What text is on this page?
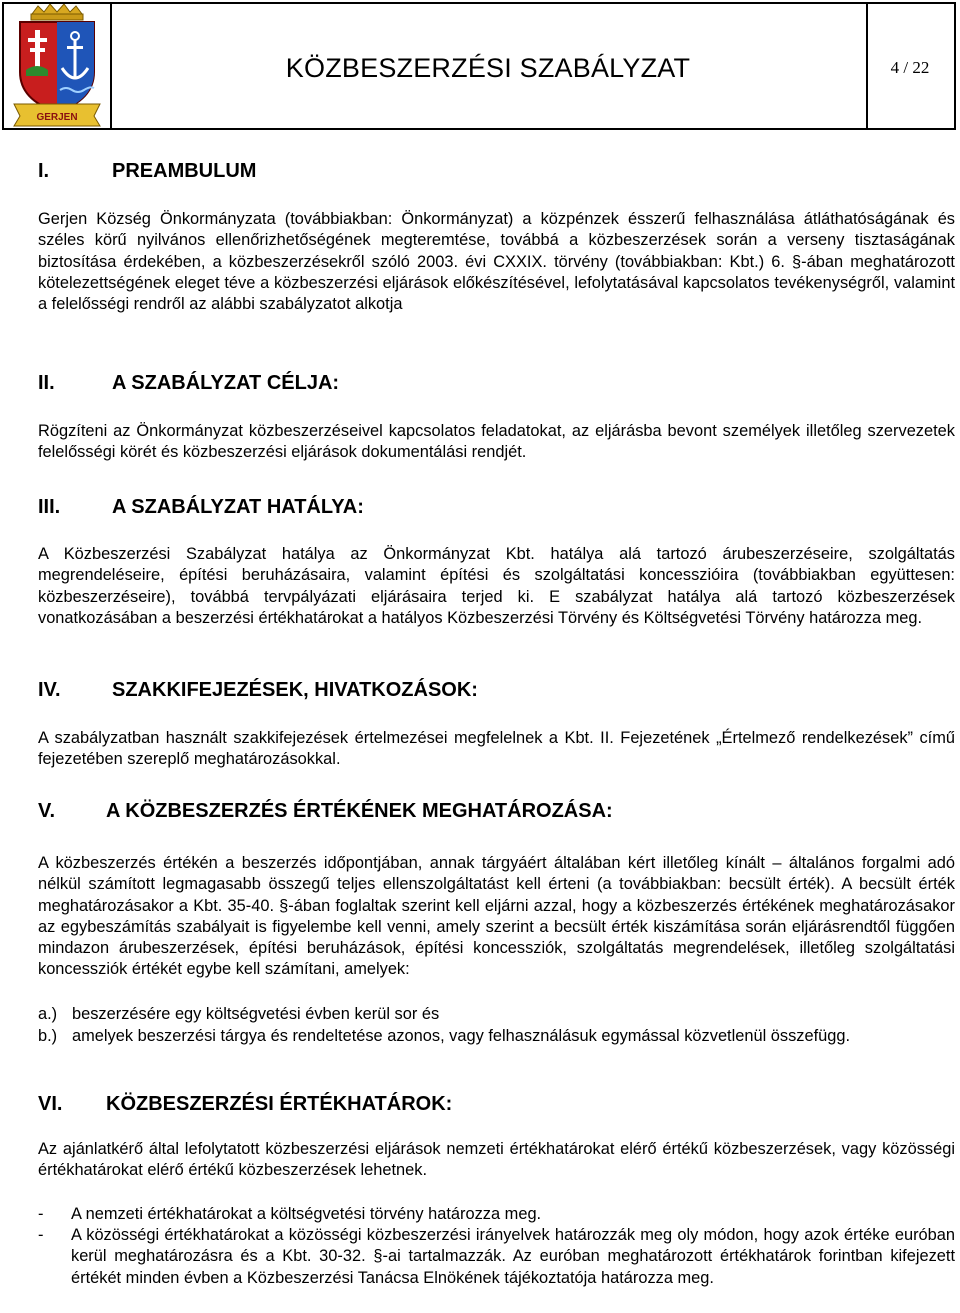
GERJEN
KÖZBESZERZÉSI SZABÁLYZAT	4 / 22
I.	PREAMBULUM
Gerjen Község Önkormányzata (továbbiakban: Önkormányzat) a közpénzek ésszerű felhasználása átláthatóságának és széles körű nyilvános ellenőrizhetőségének megteremtése, továbbá a közbeszerzések során a verseny tisztaságának biztosítása érdekében, a közbeszerzésekről szóló 2003. évi CXXIX. törvény (továbbiakban: Kbt.) 6. §-ában meghatározott kötelezettségének eleget téve a közbeszerzési eljárások előkészítésével, lefolytatásával kapcsolatos tevékenységről, valamint a felelősségi rendről az alábbi szabályzatot alkotja
II.	A SZABÁLYZAT CÉLJA:
Rögzíteni az Önkormányzat közbeszerzéseivel kapcsolatos feladatokat, az eljárásba bevont személyek illetőleg szervezetek felelősségi körét és közbeszerzési eljárások dokumentálási rendjét.
III.	A SZABÁLYZAT HATÁLYA:
A Közbeszerzési Szabályzat hatálya az Önkormányzat Kbt. hatálya alá tartozó árubeszerzéseire, szolgáltatás megrendeléseire, építési beruházásaira, valamint építési és szolgáltatási koncesszióira (továbbiakban együttesen: közbeszerzéseire), továbbá tervpályázati eljárásaira terjed ki. E szabályzat hatálya alá tartozó közbeszerzések vonatkozásában a beszerzési értékhatárokat a hatályos Közbeszerzési Törvény és Költségvetési Törvény határozza meg.
IV.	SZAKKIFEJEZÉSEK, HIVATKOZÁSOK:
A szabályzatban használt szakkifejezések értelmezései megfelelnek a Kbt. II. Fejezetének „Értelmező rendelkezések” című fejezetében szereplő meghatározásokkal.
V.	A KÖZBESZERZÉS ÉRTÉKÉNEK MEGHATÁROZÁSA:
A közbeszerzés értékén a beszerzés időpontjában, annak tárgyáért általában kért illetőleg kínált – általános forgalmi adó nélkül számított legmagasabb összegű teljes ellenszolgáltatást kell érteni (a továbbiakban: becsült érték). A becsült érték meghatározásakor a Kbt. 35-40. §-ában foglaltak szerint kell eljárni azzal, hogy a közbeszerzés értékének meghatározásakor az egybeszámítás szabályait is figyelembe kell venni, amely szerint a becsült érték kiszámítása során eljárásrendtől függően mindazon árubeszerzések, építési beruházások, építési koncessziók, szolgáltatás megrendelések, illetőleg szolgáltatási koncessziók értékét egybe kell számítani, amelyek:
a.) beszerzésére egy költségvetési évben kerül sor és
b.) amelyek beszerzési tárgya és rendeltetése azonos, vagy felhasználásuk egymással közvetlenül összefügg.
VI. KÖZBESZERZÉSI ÉRTÉKHATÁROK:
Az ajánlatkérő által lefolytatott közbeszerzési eljárások nemzeti értékhatárokat elérő értékű közbeszerzések, vagy közösségi értékhatárokat elérő értékű közbeszerzések lehetnek.
-	A nemzeti értékhatárokat a költségvetési törvény határozza meg.
-	A közösségi értékhatárokat a közösségi közbeszerzési irányelvek határozzák meg oly módon, hogy azok értéke euróban kerül meghatározásra és a Kbt. 30-32. §-ai tartalmazzák. Az euróban meghatározott értékhatárok forintban kifejezett értékét minden évben a Közbeszerzési Tanácsa Elnökének tájékoztatója határozza meg.
